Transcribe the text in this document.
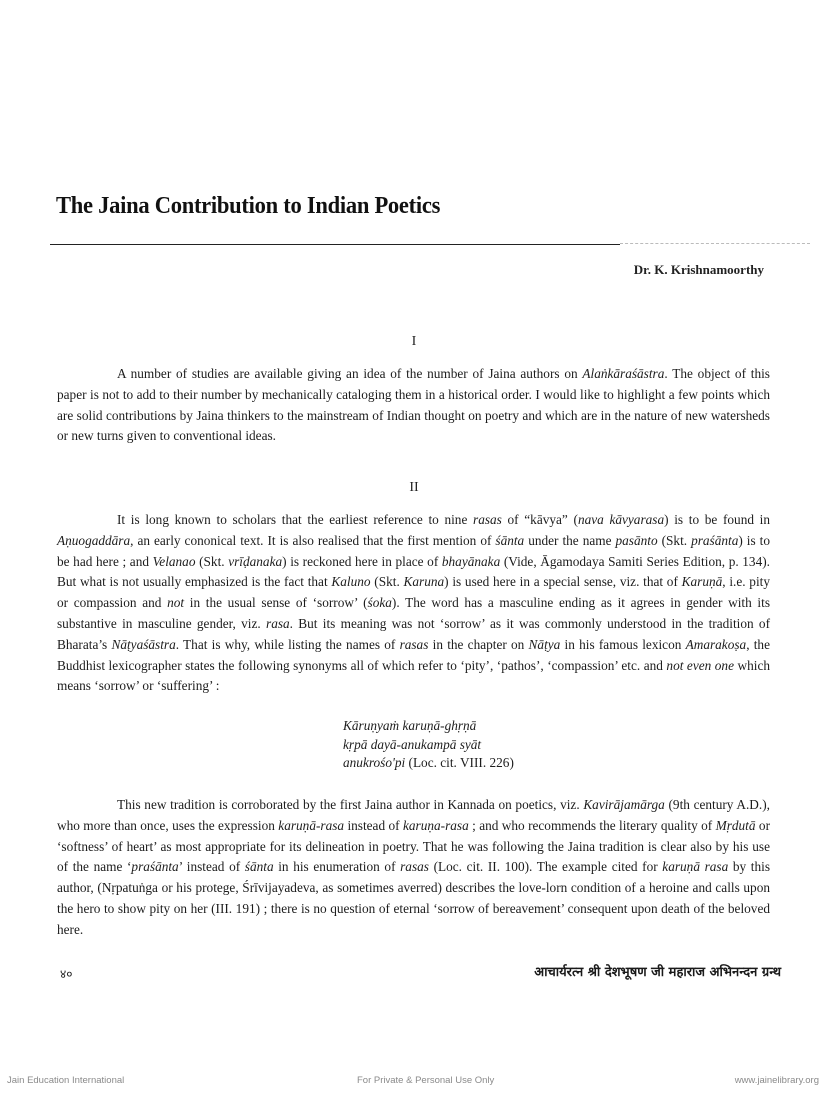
The Jaina Contribution to Indian Poetics
Dr. K. Krishnamoorthy
I
A number of studies are available giving an idea of the number of Jaina authors on Alaṅkāraśāstra. The object of this paper is not to add to their number by mechanically cataloging them in a historical order. I would like to highlight a few points which are solid contributions by Jaina thinkers to the mainstream of Indian thought on poetry and which are in the nature of new watersheds or new turns given to conventional ideas.
II
It is long known to scholars that the earliest reference to nine rasas of “kāvya” (nava kāvyarasa) is to be found in Aṇuogaddāra, an early cononical text. It is also realised that the first mention of śānta under the name pasānto (Skt. praśānta) is to be had here ; and Velanao (Skt. vrīḍanaka) is reckoned here in place of bhayānaka (Vide, Āgamodaya Samiti Series Edition, p. 134). But what is not usually emphasized is the fact that Kaluno (Skt. Karuna) is used here in a special sense, viz. that of Karuṇā, i.e. pity or compassion and not in the usual sense of ‘sorrow’ (śoka). The word has a masculine ending as it agrees in gender with its substantive in masculine gender, viz. rasa. But its meaning was not ‘sorrow’ as it was commonly understood in the tradition of Bharata’s Nāṭyaśāstra. That is why, while listing the names of rasas in the chapter on Nāṭya in his famous lexicon Amarakoṣa, the Buddhist lexicographer states the following synonyms all of which refer to ‘pity’, ‘pathos’, ‘compassion’ etc. and not even one which means ‘sorrow’ or ‘suffering’ :
Kāruṇyaṁ karuṇā-ghṛṇā
kṛpā dayā-anukampā syāt
anukrośo'pi (Loc. cit. VIII. 226)
This new tradition is corroborated by the first Jaina author in Kannada on poetics, viz. Kavirājamārga (9th century A.D.), who more than once, uses the expression karuṇā-rasa instead of karuṇa-rasa ; and who recommends the literary quality of Mṛdutā or ‘softness’ of heart’ as most appropriate for its delineation in poetry. That he was following the Jaina tradition is clear also by his use of the name ‘praśānta’ instead of śānta in his enumeration of rasas (Loc. cit. II. 100). The example cited for karuṇā rasa by this author, (Nṛpatuṅga or his protege, Śrīvijayadeva, as sometimes averred) describes the love-lorn condition of a heroine and calls upon the hero to show pity on her (III. 191) ; there is no question of eternal ‘sorrow of bereavement’ consequent upon death of the beloved here.
४०	आचार्यरत्न श्री देशभूषण जी महाराज अभिनन्दन ग्रन्थ
Jain Education International	For Private & Personal Use Only	www.jainelibrary.org
